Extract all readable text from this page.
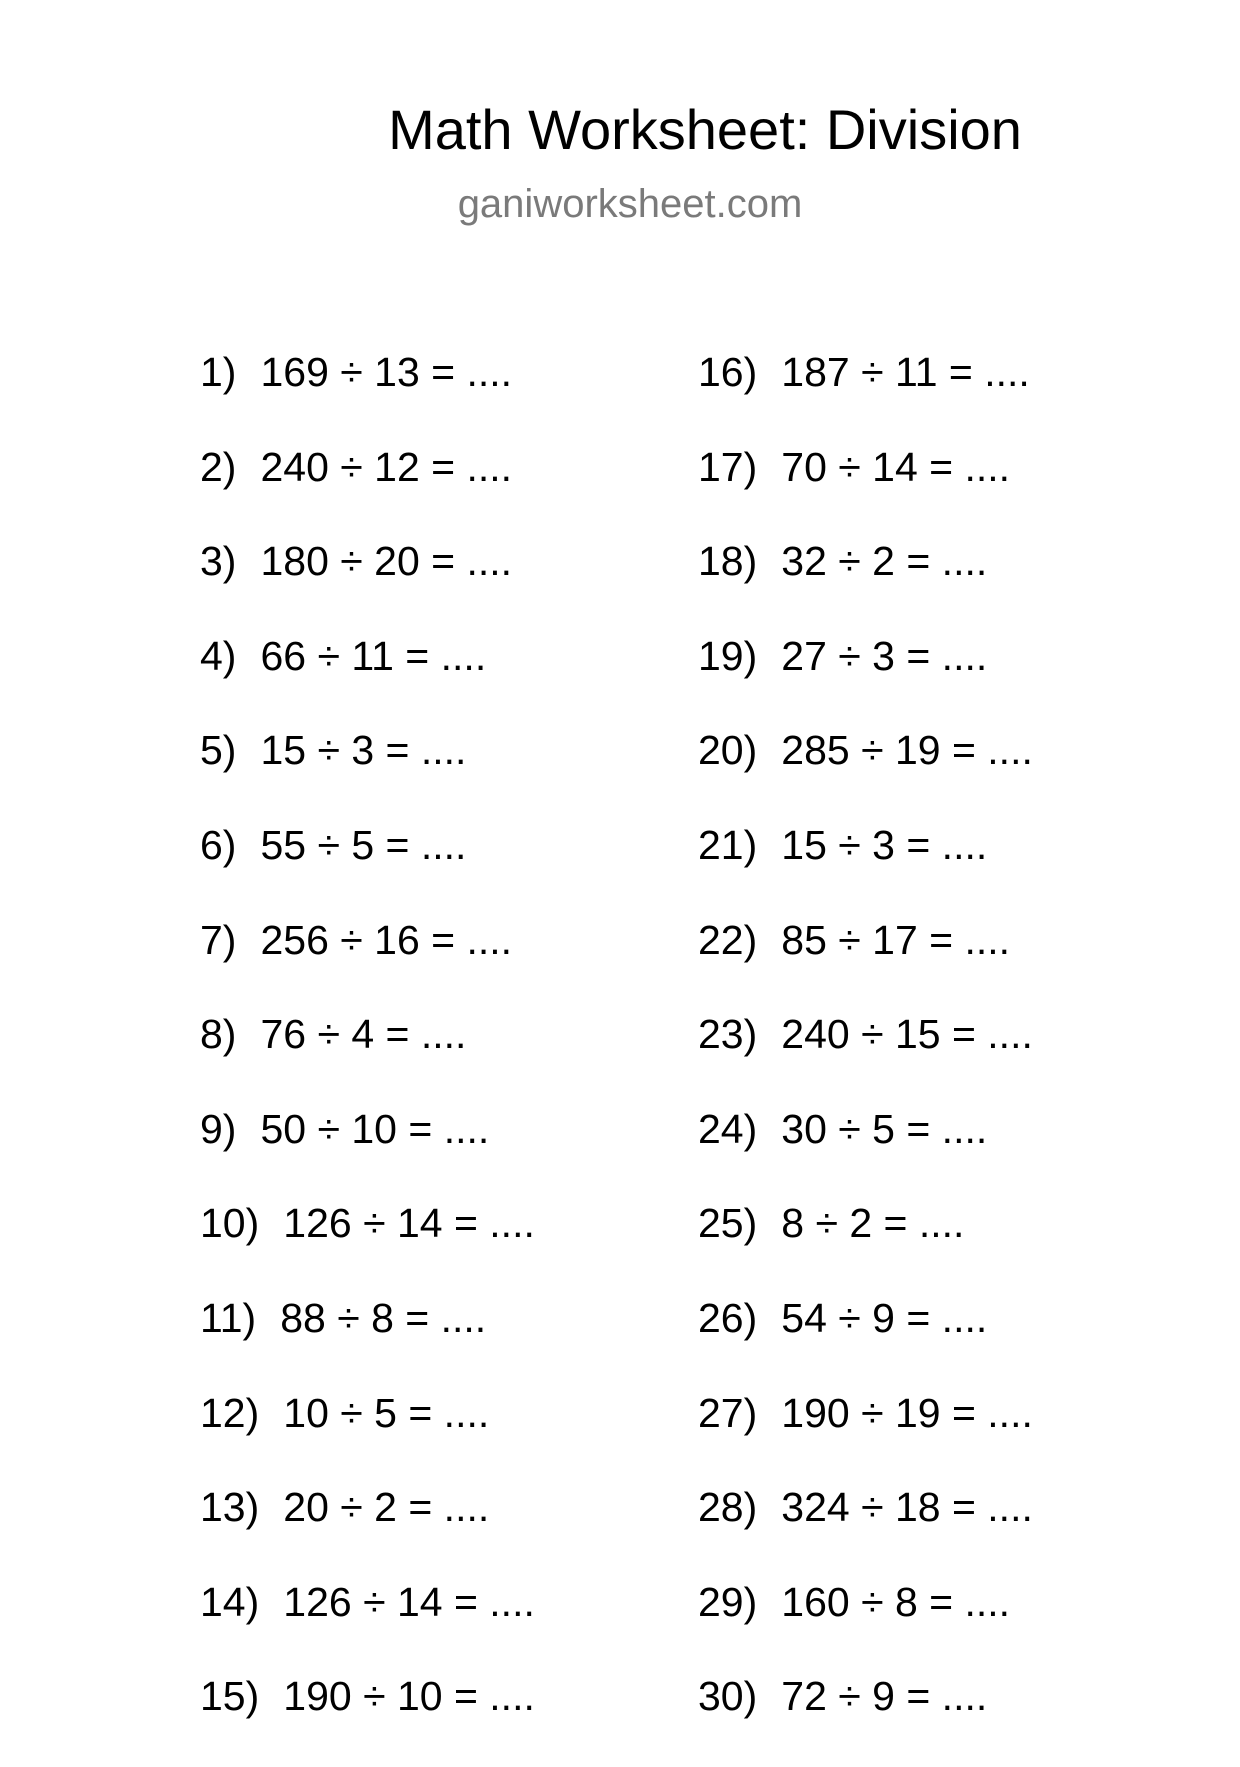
Math Worksheet: Division
ganiworksheet.com
1) 169 ÷ 13 = ....
2) 240 ÷ 12 = ....
3) 180 ÷ 20 = ....
4) 66 ÷ 11 = ....
5) 15 ÷ 3 = ....
6) 55 ÷ 5 = ....
7) 256 ÷ 16 = ....
8) 76 ÷ 4 = ....
9) 50 ÷ 10 = ....
10) 126 ÷ 14 = ....
11) 88 ÷ 8 = ....
12) 10 ÷ 5 = ....
13) 20 ÷ 2 = ....
14) 126 ÷ 14 = ....
15) 190 ÷ 10 = ....
16) 187 ÷ 11 = ....
17) 70 ÷ 14 = ....
18) 32 ÷ 2 = ....
19) 27 ÷ 3 = ....
20) 285 ÷ 19 = ....
21) 15 ÷ 3 = ....
22) 85 ÷ 17 = ....
23) 240 ÷ 15 = ....
24) 30 ÷ 5 = ....
25) 8 ÷ 2 = ....
26) 54 ÷ 9 = ....
27) 190 ÷ 19 = ....
28) 324 ÷ 18 = ....
29) 160 ÷ 8 = ....
30) 72 ÷ 9 = ....
